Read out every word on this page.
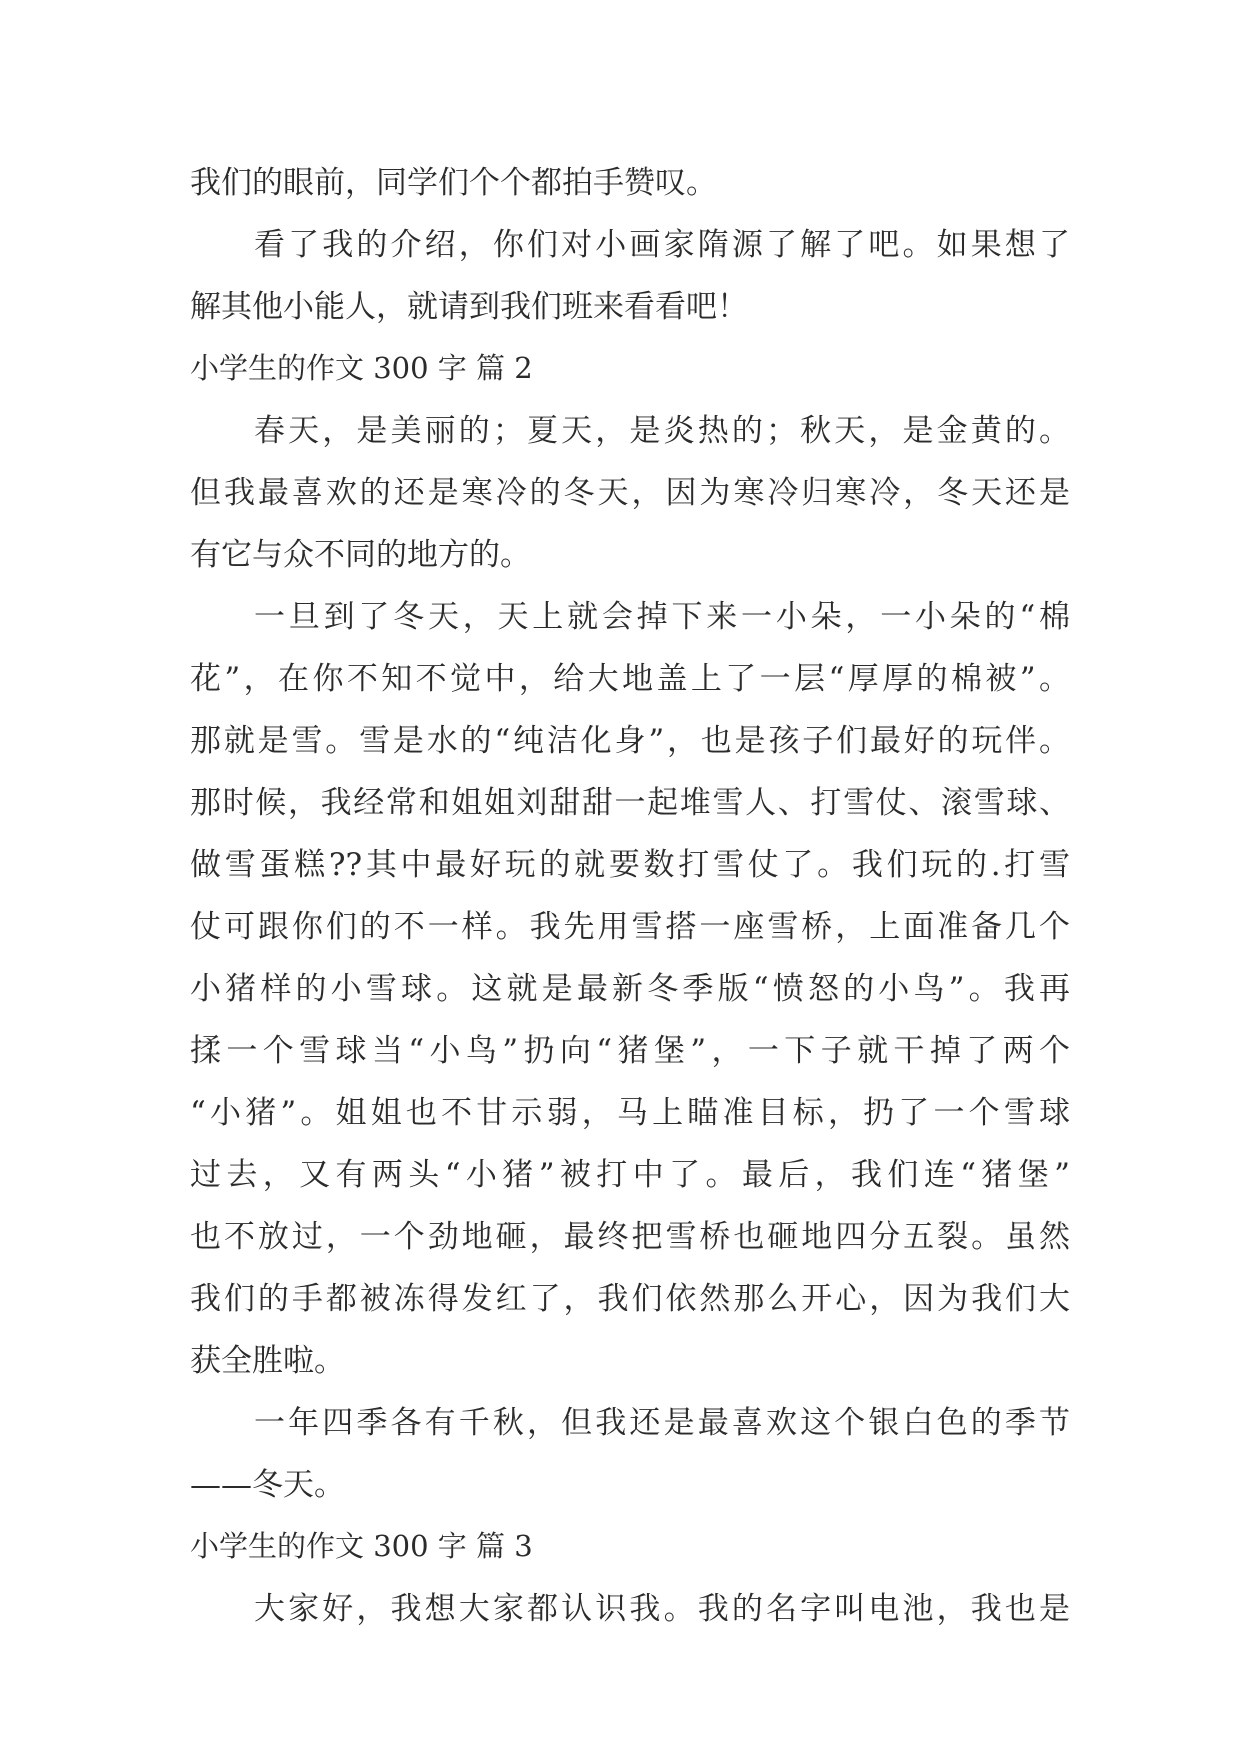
我们的眼前，同学们个个都拍手赞叹。
看了我的介绍，你们对小画家隋源了解了吧。如果想了
解其他小能人，就请到我们班来看看吧！
小学生的作文 300 字 篇 2
春天，是美丽的；夏天，是炎热的；秋天，是金黄的。
但我最喜欢的还是寒冷的冬天，因为寒冷归寒冷，冬天还是
有它与众不同的地方的。
一旦到了冬天，天上就会掉下来一小朵，一小朵的“棉
花”，在你不知不觉中，给大地盖上了一层“厚厚的棉被”。
那就是雪。雪是水的“纯洁化身”，也是孩子们最好的玩伴。
那时候，我经常和姐姐刘甜甜一起堆雪人、打雪仗、滚雪球、
做雪蛋糕??其中最好玩的就要数打雪仗了。我们玩的.打雪
仗可跟你们的不一样。我先用雪搭一座雪桥，上面准备几个
小猪样的小雪球。这就是最新冬季版“愤怒的小鸟”。我再
揉一个雪球当“小鸟”扔向“猪堡”，一下子就干掉了两个
“小猪”。姐姐也不甘示弱，马上瞄准目标，扔了一个雪球
过去，又有两头“小猪”被打中了。最后，我们连“猪堡”
也不放过，一个劲地砸，最终把雪桥也砸地四分五裂。虽然
我们的手都被冻得发红了，我们依然那么开心，因为我们大
获全胜啦。
一年四季各有千秋，但我还是最喜欢这个银白色的季节
——冬天。
小学生的作文 300 字 篇 3
大家好，我想大家都认识我。我的名字叫电池，我也是
